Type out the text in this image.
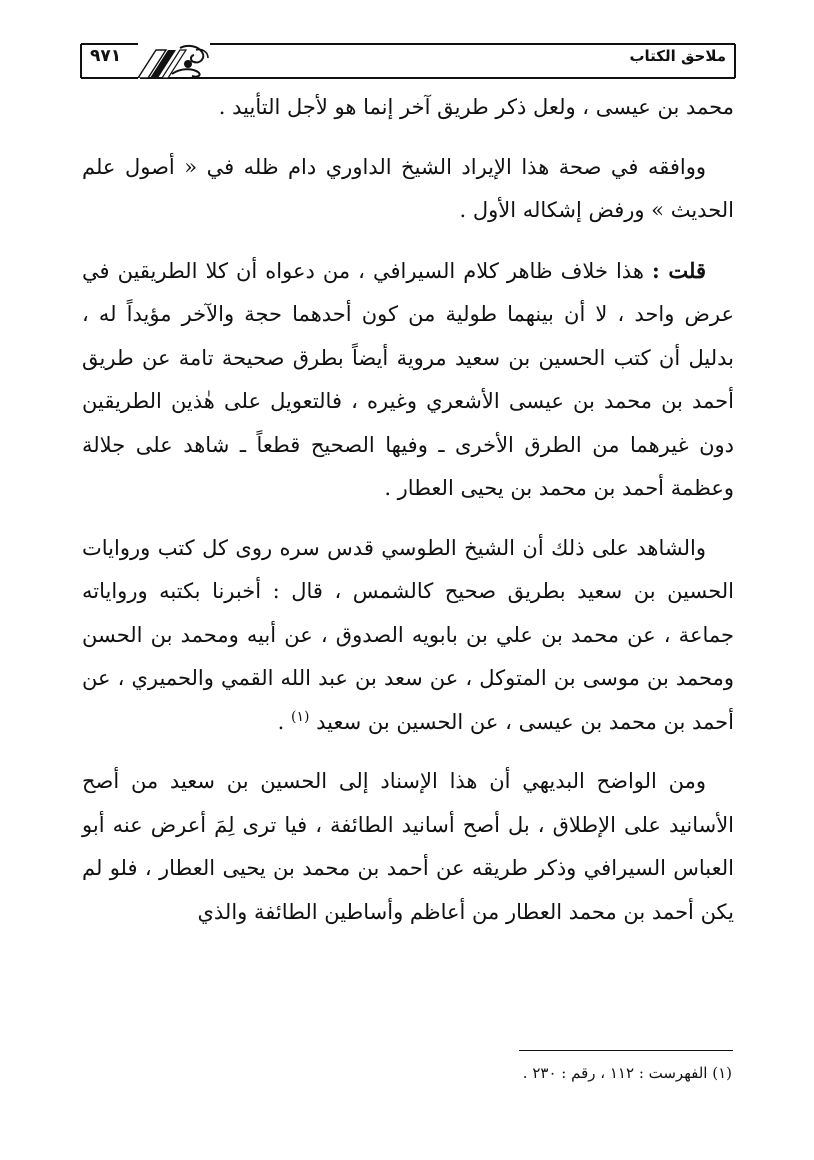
ملاحق الكتاب
٩٧١

محمد بن عيسى ، ولعل ذكر طريق آخر إنما هو لأجل التأييد .

ووافقه في صحة هذا الإيراد الشيخ الداوري دام ظله في « أصول علم الحديث » ورفض إشكاله الأول .

قلت : هذا خلاف ظاهر كلام السيرافي ، من دعواه أن كلا الطريقين في عرض واحد ، لا أن بينهما طولية من كون أحدهما حجة والآخر مؤيداً له ، بدليل أن كتب الحسين بن سعيد مروية أيضاً بطرق صحيحة تامة عن طريق أحمد بن محمد بن عيسى الأشعري وغيره ، فالتعويل على هٰذين الطريقين دون غيرهما من الطرق الأخرى ـ وفيها الصحيح قطعاً ـ شاهد على جلالة وعظمة أحمد بن محمد بن يحيى العطار .

والشاهد على ذلك أن الشيخ الطوسي قدس سره روى كل كتب وروايات الحسين بن سعيد بطريق صحيح كالشمس ، قال : أخبرنا بكتبه ورواياته جماعة ، عن محمد بن علي بن بابويه الصدوق ، عن أبيه ومحمد بن الحسن ومحمد بن موسى بن المتوكل ، عن سعد بن عبد الله القمي والحميري ، عن أحمد بن محمد بن عيسى ، عن الحسين بن سعيد $^{(١)}$ .

ومن الواضح البديهي أن هذا الإسناد إلى الحسين بن سعيد من أصح الأسانيد على الإطلاق ، بل أصح أسانيد الطائفة ، فيا ترى لِمَ أعرض عنه أبو العباس السيرافي وذكر طريقه عن أحمد بن محمد بن يحيى العطار ، فلو لم يكن أحمد بن محمد العطار من أعاظم وأساطين الطائفة والذي

(١) الفهرست : ١١٢ ، رقم : ٢٣٠ .
